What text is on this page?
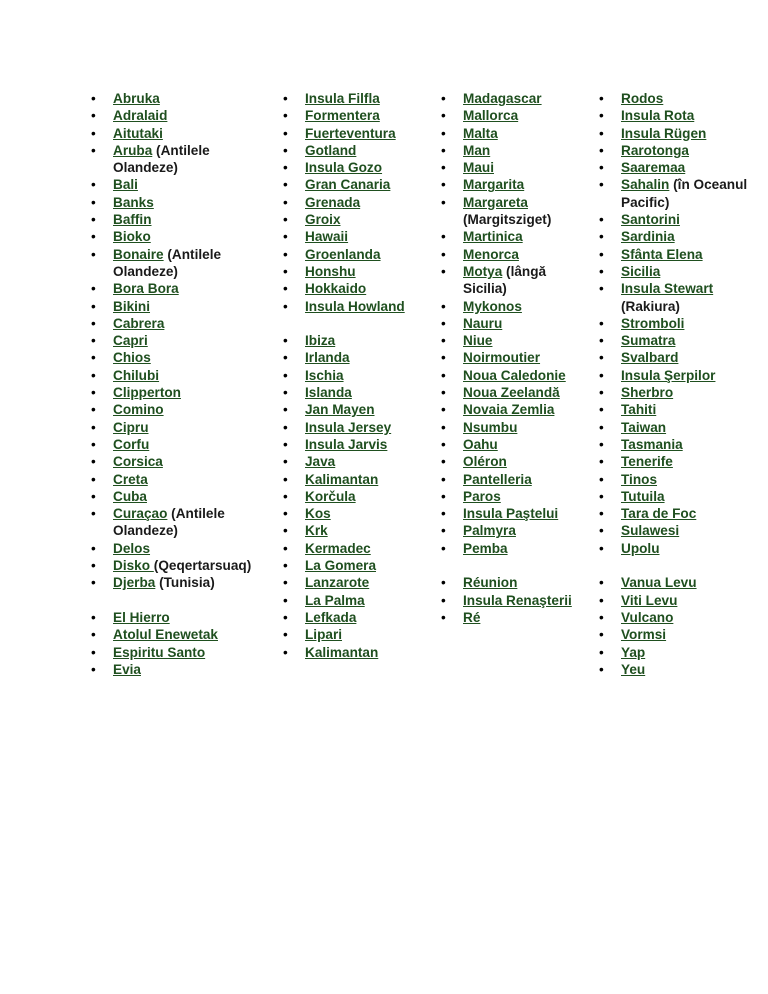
• Abruka
• Adralaid
• Aitutaki
• Aruba (Antilele Olandeze)
• Bali
• Banks
• Baffin
• Bioko
• Bonaire (Antilele Olandeze)
• Bora Bora
• Bikini
• Cabrera
• Capri
• Chios
• Chilubi
• Clipperton
• Comino
• Cipru
• Corfu
• Corsica
• Creta
• Cuba
• Curaçao (Antilele Olandeze)
• Delos
• Disko (Qeqertarsuaq)
• Djerba (Tunisia)
• El Hierro
• Atolul Enewetak
• Espiritu Santo
• Evia
• Insula Filfla
• Formentera
• Fuerteventura
• Gotland
• Insula Gozo
• Gran Canaria
• Grenada
• Groix
• Hawaii
• Groenlanda
• Honshu
• Hokkaido
• Insula Howland
• Ibiza
• Irlanda
• Ischia
• Islanda
• Jan Mayen
• Insula Jersey
• Insula Jarvis
• Java
• Kalimantan
• Korčula
• Kos
• Krk
• Kermadec
• La Gomera
• Lanzarote
• La Palma
• Lefkada
• Lipari
• Kalimantan
• Madagascar
• Mallorca
• Malta
• Man
• Maui
• Margarita
• Margareta (Margitsziget)
• Martinica
• Menorca
• Motya (lângă Sicilia)
• Mykonos
• Nauru
• Niue
• Noirmoutier
• Noua Caledonie
• Noua Zeelandă
• Novaia Zemlia
• Nsumbu
• Oahu
• Oléron
• Pantelleria
• Paros
• Insula Paştelui
• Palmyra
• Pemba
• Réunion
• Insula Renaşterii
• Ré
• Rodos
• Insula Rota
• Insula Rügen
• Rarotonga
• Saaremaa
• Sahalin (în Oceanul Pacific)
• Santorini
• Sardinia
• Sfânta Elena
• Sicilia
• Insula Stewart (Rakiura)
• Stromboli
• Sumatra
• Svalbard
• Insula Şerpilor
• Sherbro
• Tahiti
• Taiwan
• Tasmania
• Tenerife
• Tinos
• Tutuila
• Tara de Foc
• Sulawesi
• Upolu
• Vanua Levu
• Viti Levu
• Vulcano
• Vormsi
• Yap
• Yeu
